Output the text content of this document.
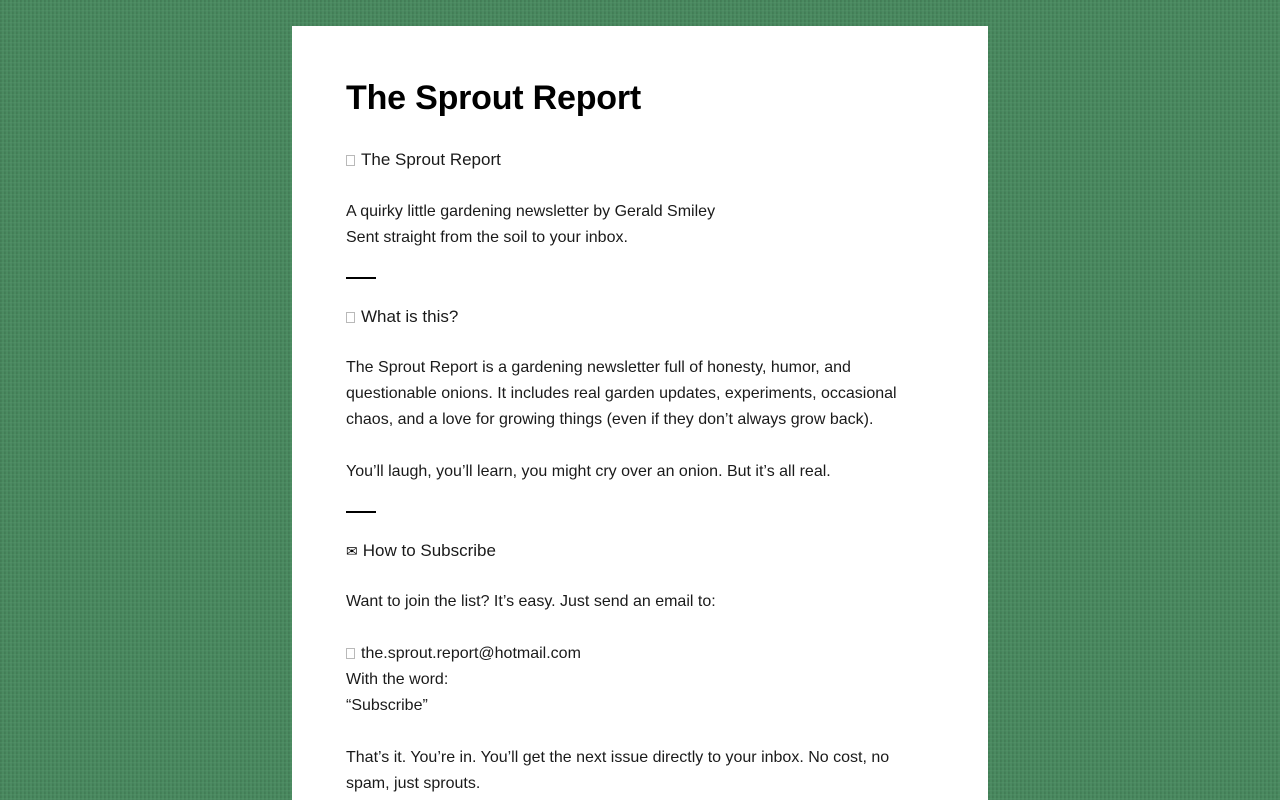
The Sprout Report

The Sprout Report

A quirky little gardening newsletter by Gerald Smiley
Sent straight from the soil to your inbox.

What is this?

The Sprout Report is a gardening newsletter full of honesty, humor, and questionable onions. It includes real garden updates, experiments, occasional chaos, and a love for growing things (even if they don’t always grow back).

You’ll laugh, you’ll learn, you might cry over an onion. But it’s all real.

✉ How to Subscribe

Want to join the list? It’s easy. Just send an email to:

the.sprout.report@hotmail.com
With the word:
“Subscribe”

That’s it. You’re in. You’ll get the next issue directly to your inbox. No cost, no spam, just sprouts.
